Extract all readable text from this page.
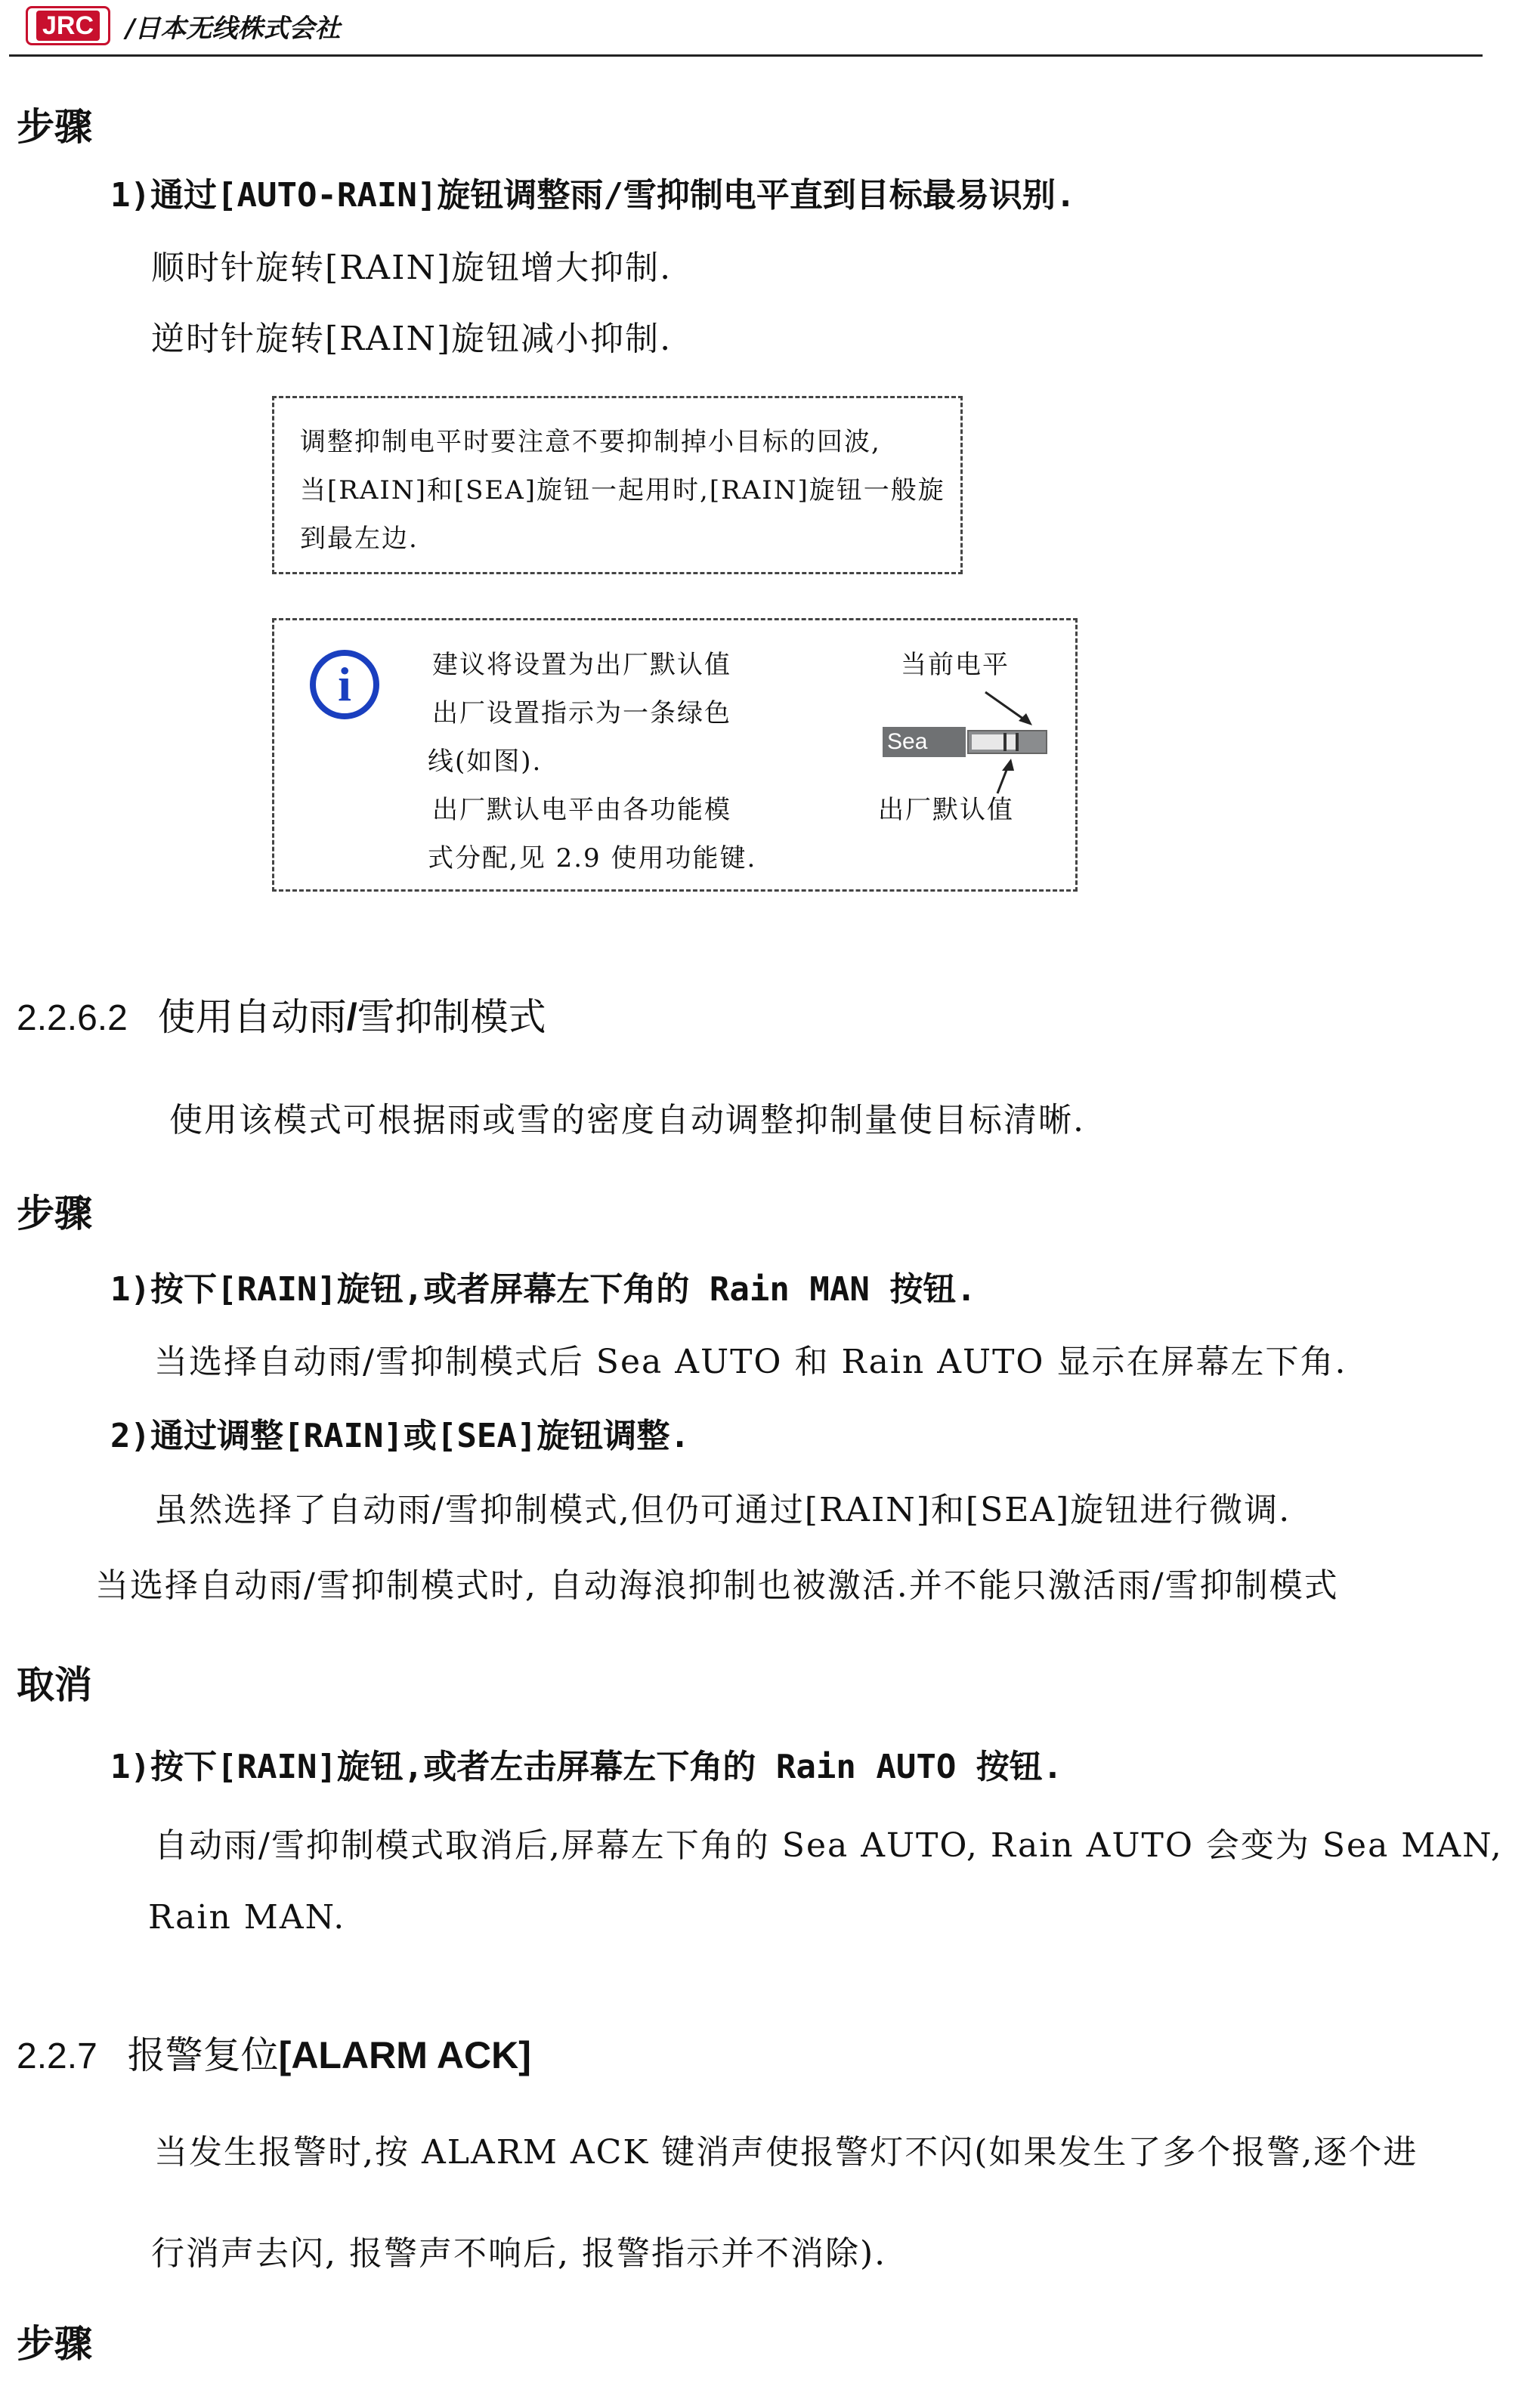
JRC /日本无线株式会社
步骤
1)通过[AUTO-RAIN]旋钮调整雨/雪抑制电平直到目标最易识别.
顺时针旋转[RAIN]旋钮增大抑制.
逆时针旋转[RAIN]旋钮减小抑制.
调整抑制电平时要注意不要抑制掉小目标的回波,
当[RAIN]和[SEA]旋钮一起用时,[RAIN]旋钮一般旋
到最左边.
i	建议将设置为出厂默认值
出厂设置指示为一条绿色
线(如图).
出厂默认电平由各功能模
式分配,见 2.9 使用功能键.
当前电平
Sea
出厂默认值
2.2.6.2 使用自动雨/雪抑制模式
使用该模式可根据雨或雪的密度自动调整抑制量使目标清晰.
步骤
1)按下[RAIN]旋钮,或者屏幕左下角的 Rain MAN 按钮.
当选择自动雨/雪抑制模式后 Sea AUTO 和 Rain AUTO 显示在屏幕左下角.
2)通过调整[RAIN]或[SEA]旋钮调整.
虽然选择了自动雨/雪抑制模式,但仍可通过[RAIN]和[SEA]旋钮进行微调.
当选择自动雨/雪抑制模式时, 自动海浪抑制也被激活.并不能只激活雨/雪抑制模式
取消
1)按下[RAIN]旋钮,或者左击屏幕左下角的 Rain AUTO 按钮.
自动雨/雪抑制模式取消后,屏幕左下角的 Sea AUTO, Rain AUTO 会变为 Sea MAN,
Rain MAN.
2.2.7 报警复位[ALARM ACK]
当发生报警时,按 ALARM ACK 键消声使报警灯不闪(如果发生了多个报警,逐个进
行消声去闪, 报警声不响后, 报警指示并不消除).
步骤
